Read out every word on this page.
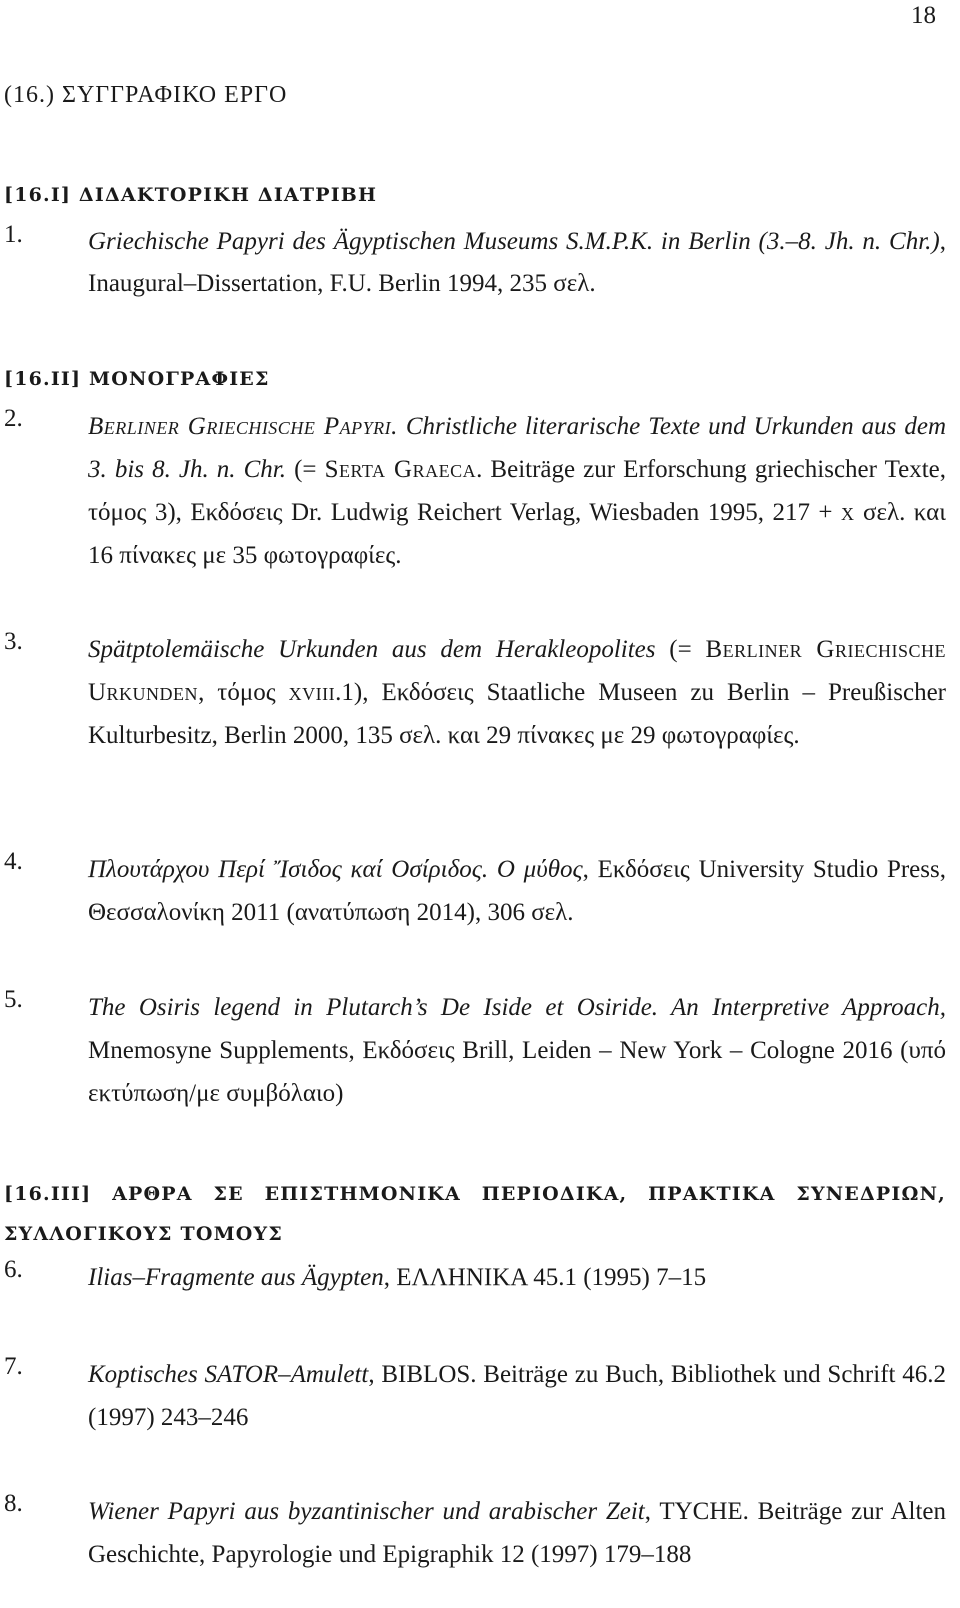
18
(16.) ΣΥΓΓΡΑΦΙΚΟ ΕΡΓΟ
[16.I] ΔΙΔΑΚΤΟΡΙΚΗ ΔΙΑΤΡΙΒΗ
1.	Griechische Papyri des Ägyptischen Museums S.M.P.K. in Berlin (3.–8. Jh. n. Chr.), Inaugural–Dissertation, F.U. Berlin 1994, 235 σελ.
[16.II] ΜΟΝΟΓΡΑΦΙΕΣ
2.	Berliner Griechische Papyri. Christliche literarische Texte und Urkunden aus dem 3. bis 8. Jh. n. Chr. (= Serta Graeca. Beiträge zur Erforschung griechischer Texte, τόμος 3), Εκδόσεις Dr. Ludwig Reichert Verlag, Wiesbaden 1995, 217 + x σελ. και 16 πίνακες με 35 φωτογραφίες.
3.	Spätptolemäische Urkunden aus dem Herakleopolites (= Berliner Griechische Urkunden, τόμος xviii.1), Εκδόσεις Staatliche Museen zu Berlin – Preußischer Kulturbesitz, Berlin 2000, 135 σελ. και 29 πίνακες με 29 φωτογραφίες.
4.	Πλουτάρχου Περί Ἴσιδος καί Οσίριδος. Ο μύθος, Εκδόσεις University Studio Press, Θεσσαλονίκη 2011 (ανατύπωση 2014), 306 σελ.
5.	The Osiris legend in Plutarch’s De Iside et Osiride. An Interpretive Approach, Mnemosyne Supplements, Εκδόσεις Brill, Leiden – New York – Cologne 2016 (υπό εκτύπωση/με συμβόλαιο)
[16.III] ΑΡΘΡΑ ΣΕ ΕΠΙΣΤΗΜΟΝΙΚΑ ΠΕΡΙΟΔΙΚΑ, ΠΡΑΚΤΙΚΑ ΣΥΝΕΔΡΙΩΝ, ΣΥΛΛΟΓΙΚΟΥΣ ΤΟΜΟΥΣ
6.	Ilias–Fragmente aus Ägypten, ΕΛΛΗΝΙΚΑ 45.1 (1995) 7–15
7.	Koptisches SATOR–Amulett, BIBLOS. Beiträge zu Buch, Bibliothek und Schrift 46.2 (1997) 243–246
8.	Wiener Papyri aus byzantinischer und arabischer Zeit, TYCHE. Beiträge zur Alten Geschichte, Papyrologie und Epigraphik 12 (1997) 179–188
